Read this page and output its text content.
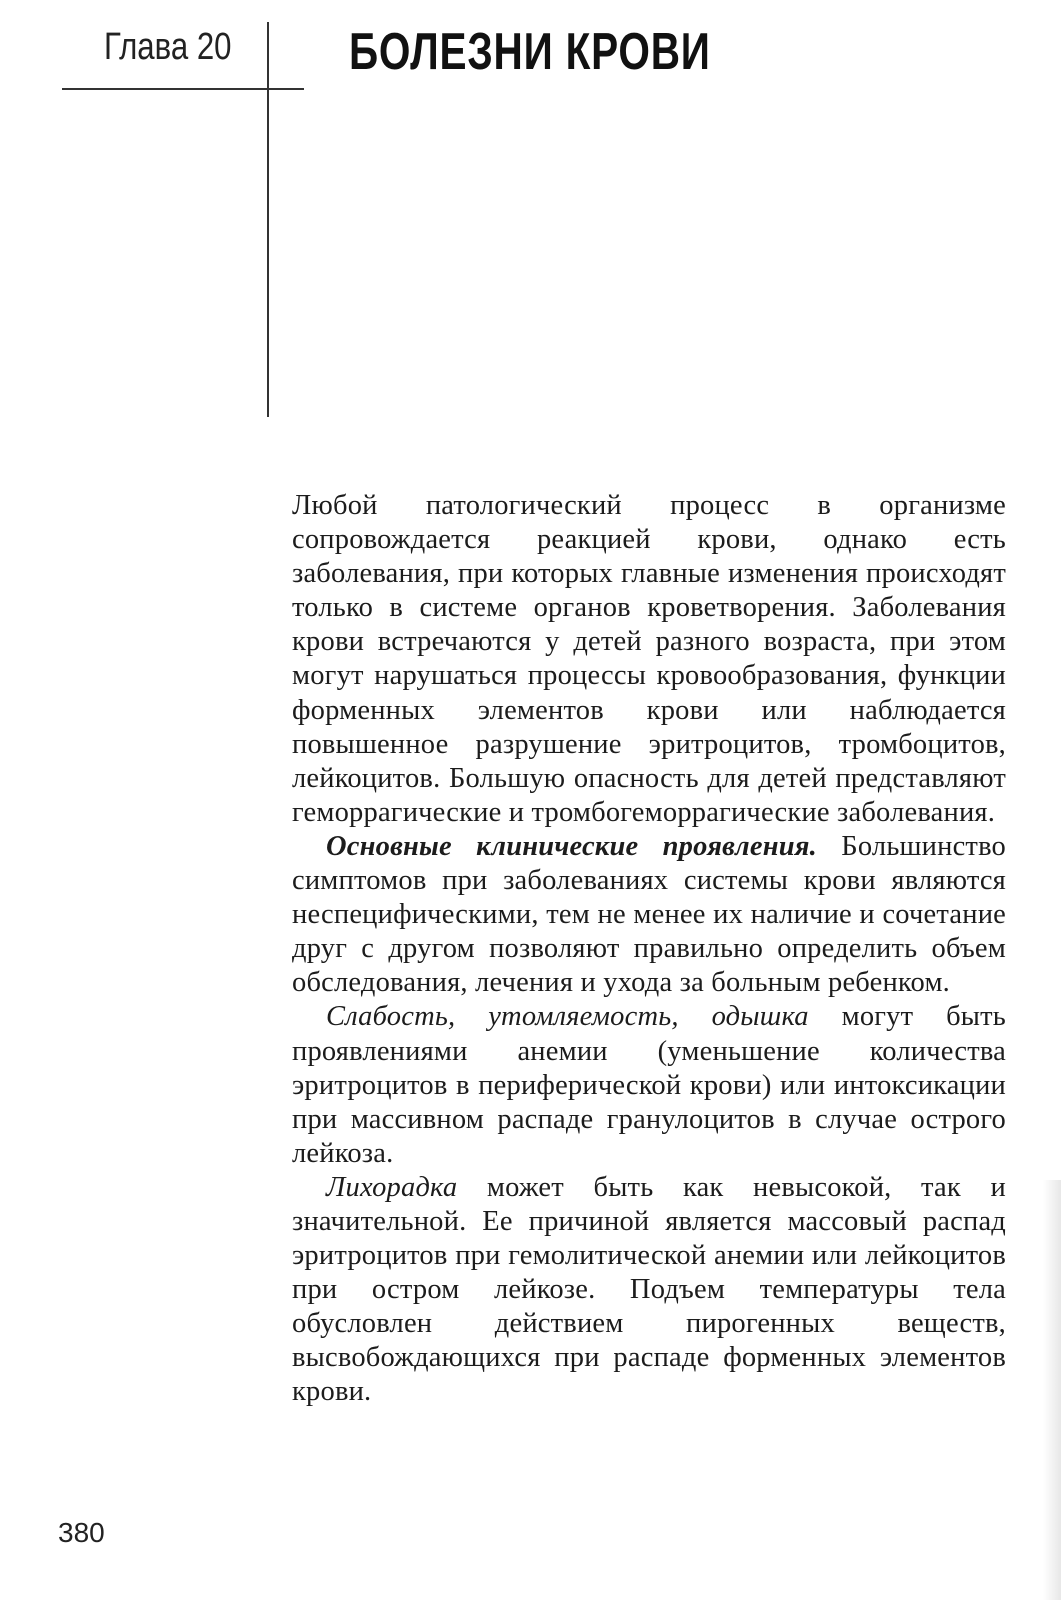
Глава 20 БОЛЕЗНИ КРОВИ

Любой патологический процесс в организме сопровождается реакцией крови, однако есть заболевания, при которых главные изменения происходят только в системе органов кроветворения. Заболевания крови встречаются у детей разного возраста, при этом могут нарушаться процессы кровообразования, функции форменных элементов крови или наблюдается повышенное разрушение эритроцитов, тромбоцитов, лейкоцитов. Большую опасность для детей представляют геморрагические и тромбогеморрагические заболевания.

Основные клинические проявления. Большинство симптомов при заболеваниях системы крови являются неспецифическими, тем не менее их наличие и сочетание друг с другом позволяют правильно определить объем обследования, лечения и ухода за больным ребенком.

Слабость, утомляемость, одышка могут быть проявлениями анемии (уменьшение количества эритроцитов в периферической крови) или интоксикации при массивном распаде гранулоцитов в случае острого лейкоза.

Лихорадка может быть как невысокой, так и значительной. Ее причиной является массовый распад эритроцитов при гемолитической анемии или лейкоцитов при остром лейкозе. Подъем температуры тела обусловлен действием пирогенных веществ, высвобождающихся при распаде форменных элементов крови.

380
